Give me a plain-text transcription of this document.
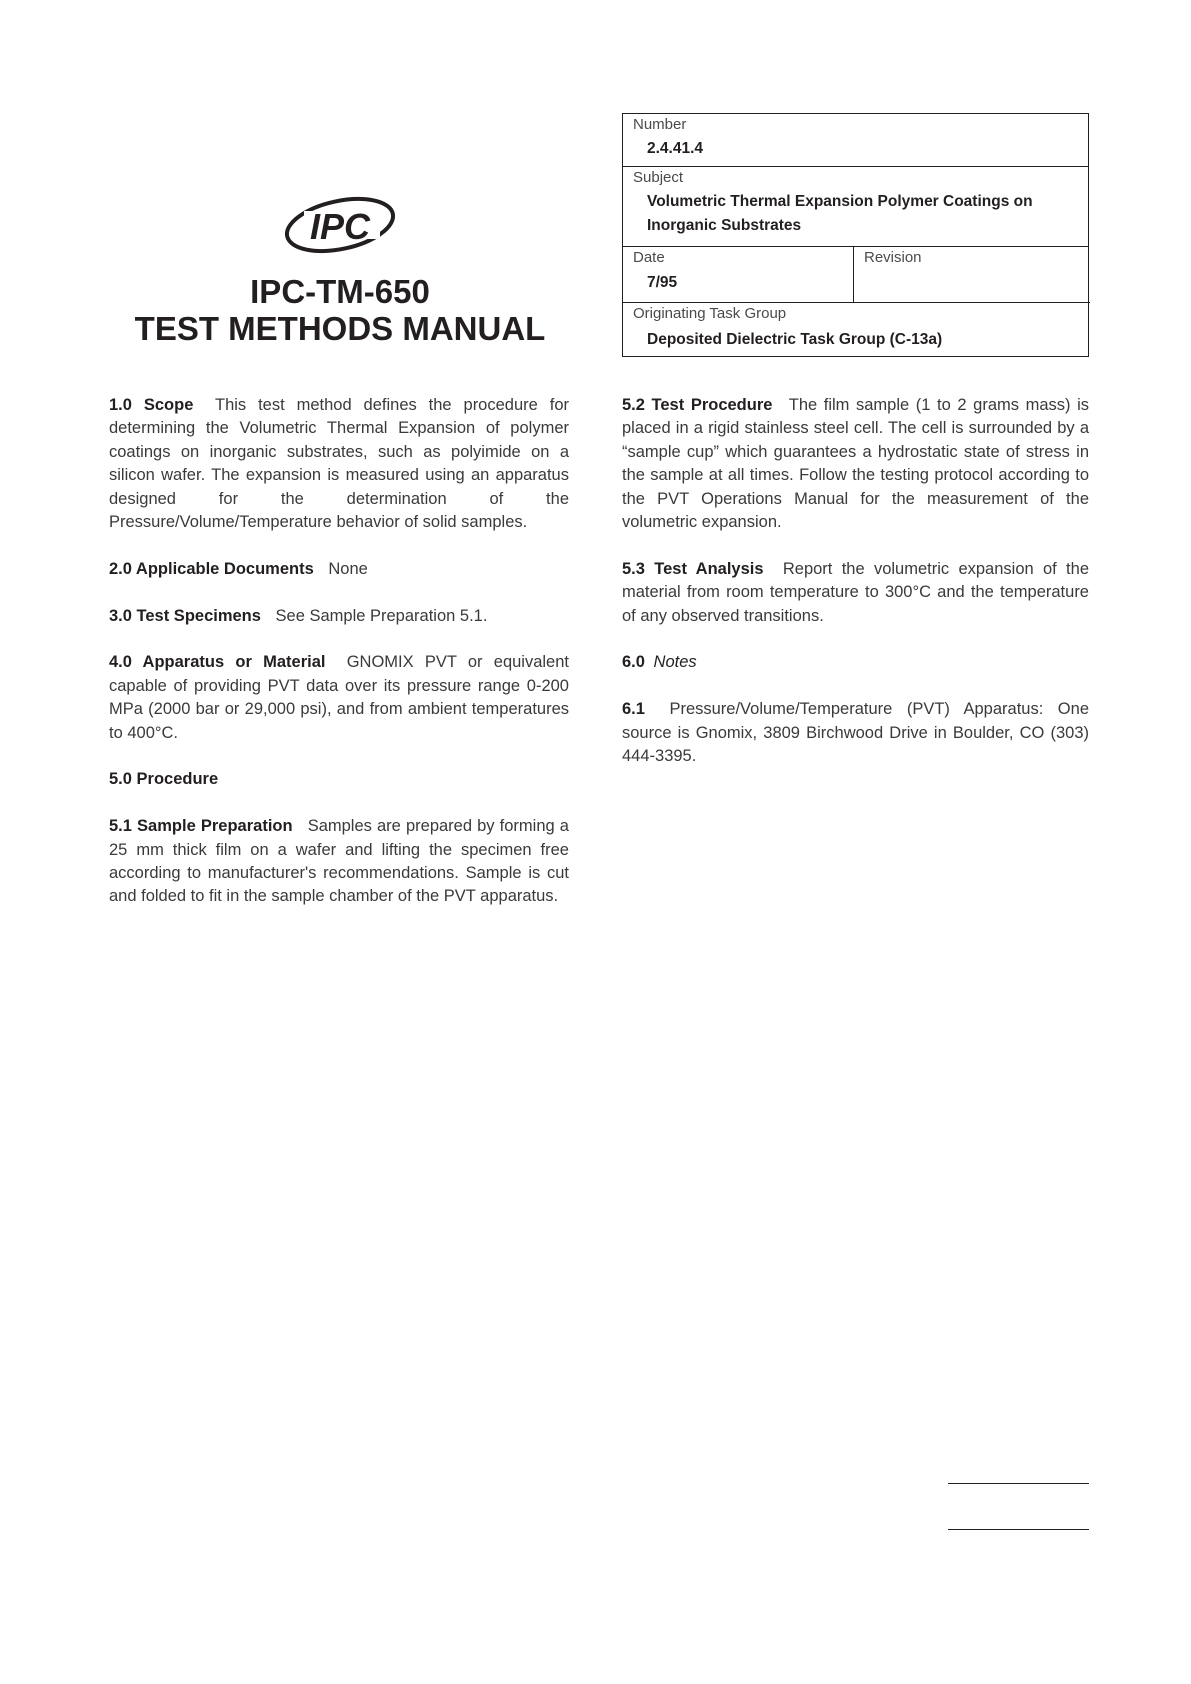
IPC
IPC-TM-650
TEST METHODS MANUAL
Number
2.4.41.4
Subject
Volumetric Thermal Expansion Polymer Coatings on
Inorganic Substrates
Date
7/95
Revision
Originating Task Group
Deposited Dielectric Task Group (C-13a)

1.0 Scope This test method defines the procedure for determining the Volumetric Thermal Expansion of polymer coatings on inorganic substrates, such as polyimide on a silicon wafer. The expansion is measured using an apparatus designed for the determination of the Pressure/Volume/Temperature behavior of solid samples.

2.0 Applicable Documents None

3.0 Test Specimens See Sample Preparation 5.1.

4.0 Apparatus or Material GNOMIX PVT or equivalent capable of providing PVT data over its pressure range 0-200 MPa (2000 bar or 29,000 psi), and from ambient temperatures to 400°C.

5.0 Procedure

5.1 Sample Preparation Samples are prepared by forming a 25 mm thick film on a wafer and lifting the specimen free according to manufacturer's recommendations. Sample is cut and folded to fit in the sample chamber of the PVT apparatus.

5.2 Test Procedure The film sample (1 to 2 grams mass) is placed in a rigid stainless steel cell. The cell is surrounded by a “sample cup” which guarantees a hydrostatic state of stress in the sample at all times. Follow the testing protocol according to the PVT Operations Manual for the measurement of the volumetric expansion.

5.3 Test Analysis Report the volumetric expansion of the material from room temperature to 300°C and the temperature of any observed transitions.

6.0 Notes

6.1 Pressure/Volume/Temperature (PVT) Apparatus: One source is Gnomix, 3809 Birchwood Drive in Boulder, CO (303) 444-3395.
